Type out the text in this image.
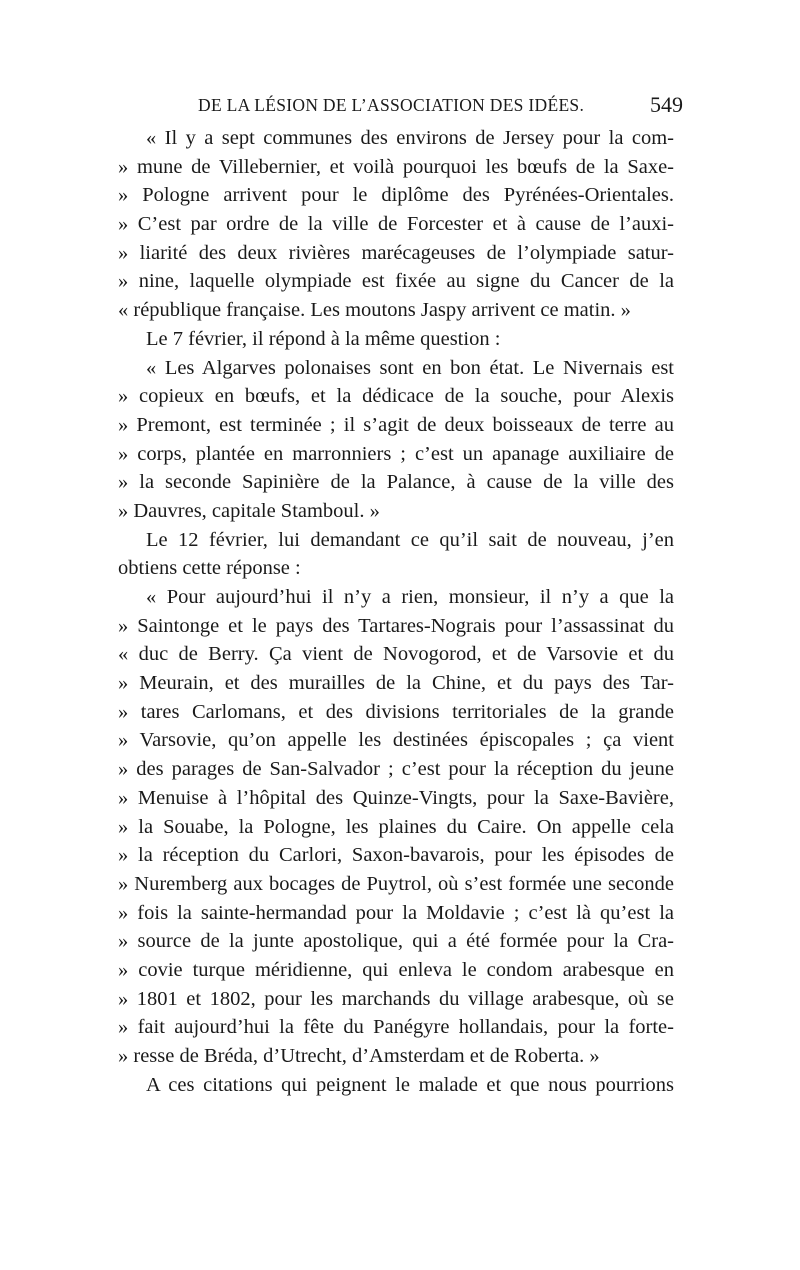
DE LA LÉSION DE L’ASSOCIATION DES IDÉES.	549
« Il y a sept communes des environs de Jersey pour la com-
» mune de Villebernier, et voilà pourquoi les bœufs de la Saxe-
» Pologne arrivent pour le diplôme des Pyrénées-Orientales.
» C’est par ordre de la ville de Forcester et à cause de l’auxi-
» liarité des deux rivières marécageuses de l’olympiade satur-
» nine, laquelle olympiade est fixée au signe du Cancer de la
« république française. Les moutons Jaspy arrivent ce matin. »
Le 7 février, il répond à la même question :
« Les Algarves polonaises sont en bon état. Le Nivernais est
» copieux en bœufs, et la dédicace de la souche, pour Alexis
» Premont, est terminée ; il s’agit de deux boisseaux de terre au
» corps, plantée en marronniers ; c’est un apanage auxiliaire de
» la seconde Sapinière de la Palance, à cause de la ville des
» Dauvres, capitale Stamboul. »
Le 12 février, lui demandant ce qu’il sait de nouveau, j’en
obtiens cette réponse :
« Pour aujourd’hui il n’y a rien, monsieur, il n’y a que la
» Saintonge et le pays des Tartares-Nograis pour l’assassinat du
« duc de Berry. Ça vient de Novogorod, et de Varsovie et du
» Meurain, et des murailles de la Chine, et du pays des Tar-
» tares Carlomans, et des divisions territoriales de la grande
» Varsovie, qu’on appelle les destinées épiscopales ; ça vient
» des parages de San-Salvador ; c’est pour la réception du jeune
» Menuise à l’hôpital des Quinze-Vingts, pour la Saxe-Bavière,
» la Souabe, la Pologne, les plaines du Caire. On appelle cela
» la réception du Carlori, Saxon-bavarois, pour les épisodes de
» Nuremberg aux bocages de Puytrol, où s’est formée une seconde
» fois la sainte-hermandad pour la Moldavie ; c’est là qu’est la
» source de la junte apostolique, qui a été formée pour la Cra-
» covie turque méridienne, qui enleva le condom arabesque en
» 1801 et 1802, pour les marchands du village arabesque, où se
» fait aujourd’hui la fête du Panégyre hollandais, pour la forte-
» resse de Bréda, d’Utrecht, d’Amsterdam et de Roberta. »
A ces citations qui peignent le malade et que nous pourrions
